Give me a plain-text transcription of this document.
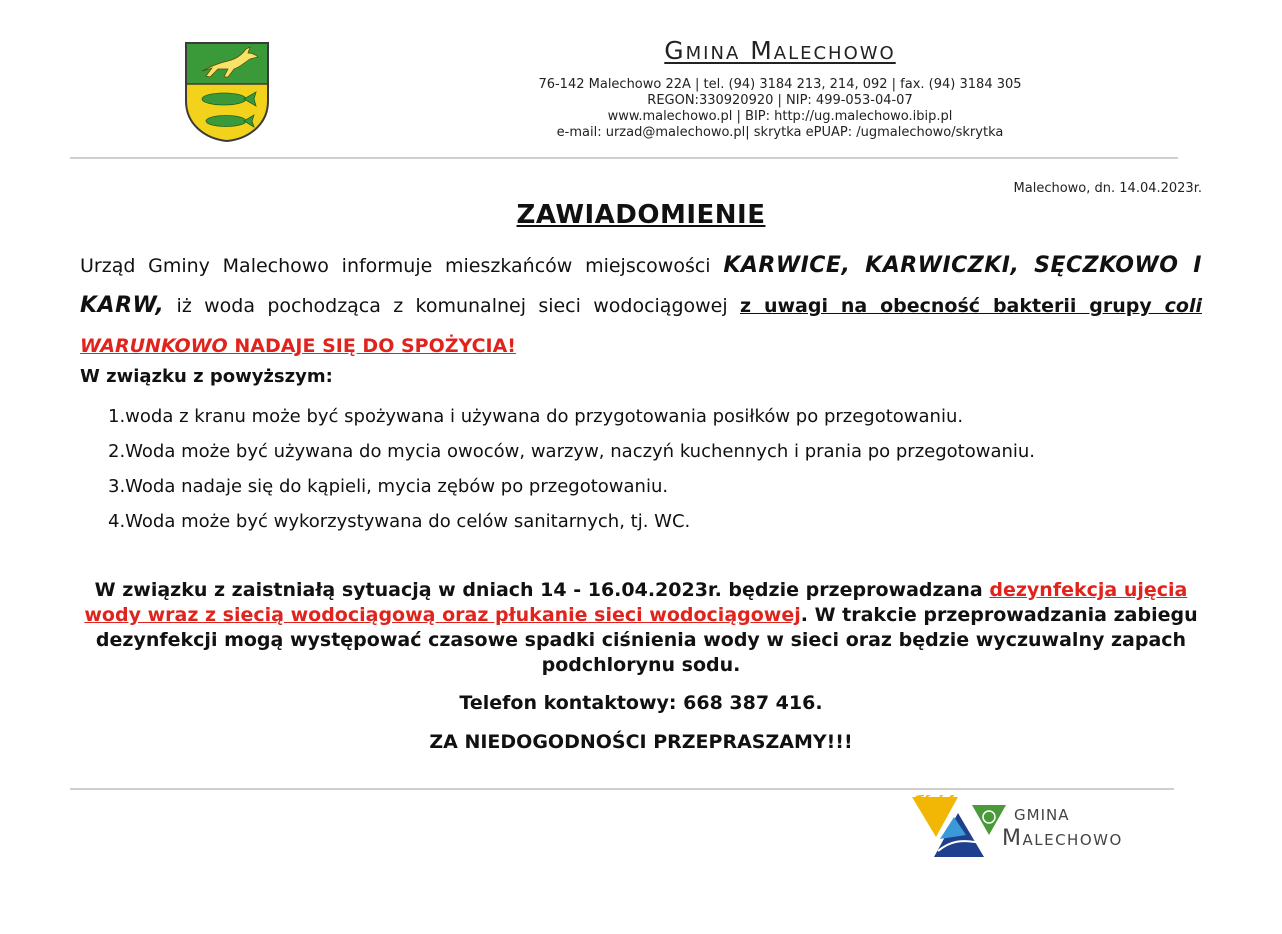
Gmina Malechowo

76-142 Malechowo 22A | tel. (94) 3184 213, 214, 092 | fax. (94) 3184 305

REGON:330920920 | NIP: 499-053-04-07

www.malechowo.pl | BIP: http://ug.malechowo.ibip.pl

e-mail: urzad@malechowo.pl| skrytka ePUAP: /ugmalechowo/skrytka

Malechowo, dn. 14.04.2023r.
ZAWIADOMIENIE

Urząd Gminy Malechowo informuje mieszkańców miejscowości KARWICE, KARWICZKI, SĘCZKOWO I KARW, iż woda pochodząca z komunalnej sieci wodociągowej z uwagi na obecność bakterii grupy coli WARUNKOWO NADAJE SIĘ DO SPOŻYCIA!

W związku z powyższym:

1.woda z kranu może być spożywana i używana do przygotowania posiłków po przegotowaniu.
2.Woda może być używana do mycia owoców, warzyw, naczyń kuchennych i prania po przegotowaniu.
3.Woda nadaje się do kąpieli, mycia zębów po przegotowaniu.
4.Woda może być wykorzystywana do celów sanitarnych, tj. WC.

W związku z zaistniałą sytuacją w dniach 14 - 16.04.2023r. będzie przeprowadzana dezynfekcja ujęcia wody wraz z siecią wodociągową oraz płukanie sieci wodociągowej. W trakcie przeprowadzania zabiegu dezynfekcji mogą występować czasowe spadki ciśnienia wody w sieci oraz będzie wyczuwalny zapach podchlorynu sodu.

Telefon kontaktowy: 668 387 416.

ZA NIEDOGODNOŚCI PRZEPRASZAMY!!!

GMINA
Malechowo
